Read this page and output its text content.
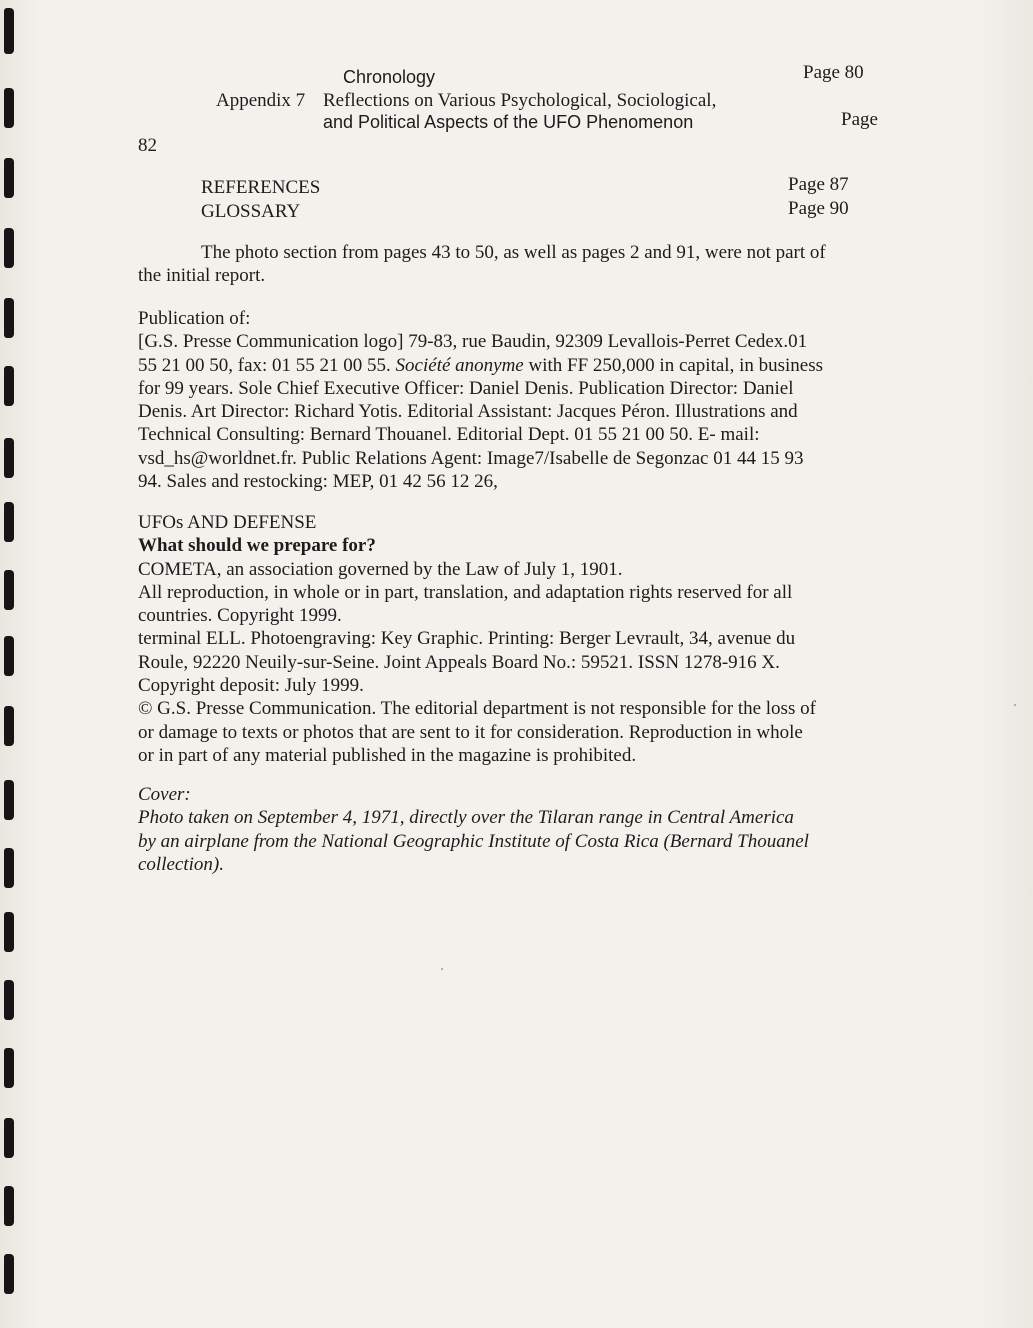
Chronology	Page 80
Appendix 7 Reflections on Various Psychological, Sociological,
and Political Aspects of the UFO Phenomenon	Page
82
REFERENCES	Page 87
GLOSSARY	Page 90
The photo section from pages 43 to 50, as well as pages 2 and 91, were not part of
the initial report.
Publication of:
[G.S. Presse Communication logo] 79-83, rue Baudin, 92309 Levallois-Perret Cedex.01
55 21 00 50, fax: 01 55 21 00 55. Société anonyme with FF 250,000 in capital, in business
for 99 years. Sole Chief Executive Officer: Daniel Denis. Publication Director: Daniel
Denis. Art Director: Richard Yotis. Editorial Assistant: Jacques Péron. Illustrations and
Technical Consulting: Bernard Thouanel. Editorial Dept. 01 55 21 00 50. E- mail:
vsd_hs@worldnet.fr. Public Relations Agent: Image7/Isabelle de Segonzac 01 44 15 93
94. Sales and restocking: MEP, 01 42 56 12 26,
UFOs AND DEFENSE
What should we prepare for?
COMETA, an association governed by the Law of July 1, 1901.
All reproduction, in whole or in part, translation, and adaptation rights reserved for all
countries. Copyright 1999.
terminal ELL. Photoengraving: Key Graphic. Printing: Berger Levrault, 34, avenue du
Roule, 92220 Neuily-sur-Seine. Joint Appeals Board No.: 59521. ISSN 1278-916 X.
Copyright deposit: July 1999.
© G.S. Presse Communication. The editorial department is not responsible for the loss of
or damage to texts or photos that are sent to it for consideration. Reproduction in whole
or in part of any material published in the magazine is prohibited.
Cover:
Photo taken on September 4, 1971, directly over the Tilaran range in Central America
by an airplane from the National Geographic Institute of Costa Rica (Bernard Thouanel
collection).
